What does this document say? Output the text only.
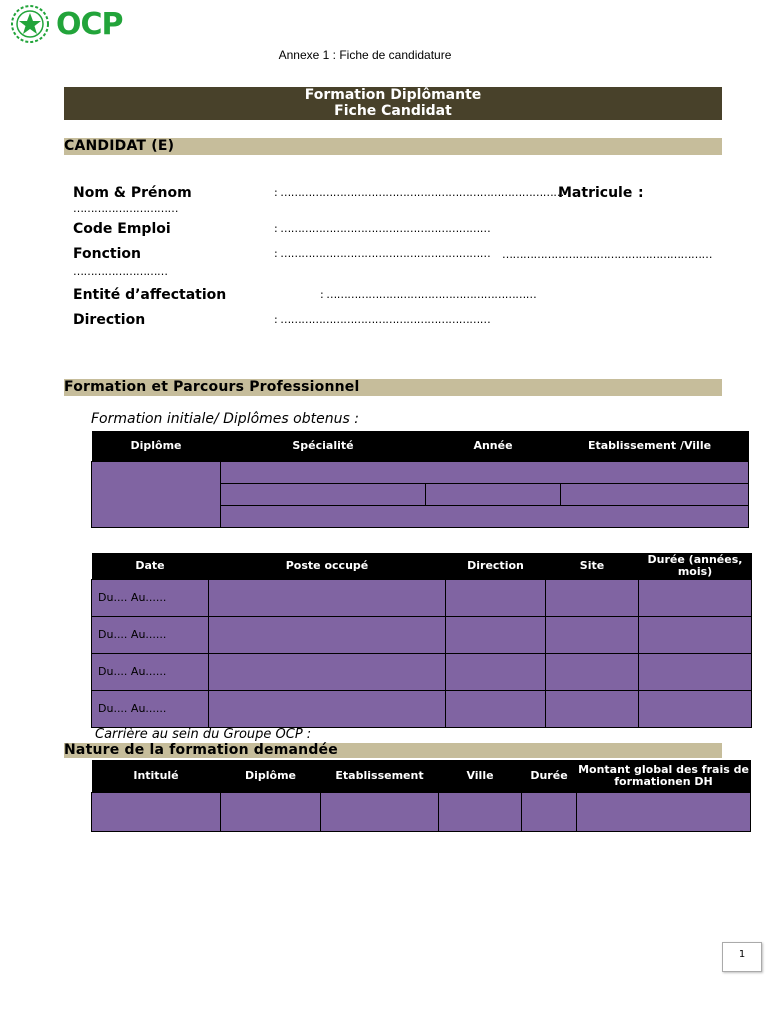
OCP
Annexe 1 : Fiche de candidature
Formation Diplômante
Fiche Candidat
CANDIDAT (E)
Nom & Prénom	: ………………………………………………………………………
Matricule :
…………………………
Code Emploi	: ……………………………………………………
Fonction	: …………………………………………………… ……………………………………………………
………………………
Entité d’affectation	: ……………………………………………………
Direction	: ……………………………………………………
Formation et Parcours Professionnel
Formation initiale/ Diplômes obtenus :
Diplôme	Spécialité	Année	Etablissement /Ville	

Date	Poste occupé	Direction	Site	Durée (années, mois)
Du.... Au......				
Du.... Au......				
Du.... Au......				
Du.... Au......				
Carrière au sein du Groupe OCP :
Nature de la formation demandée
Intitulé	Diplôme	Etablissement	Ville	Durée	Montant global des frais de formationen DH

1
